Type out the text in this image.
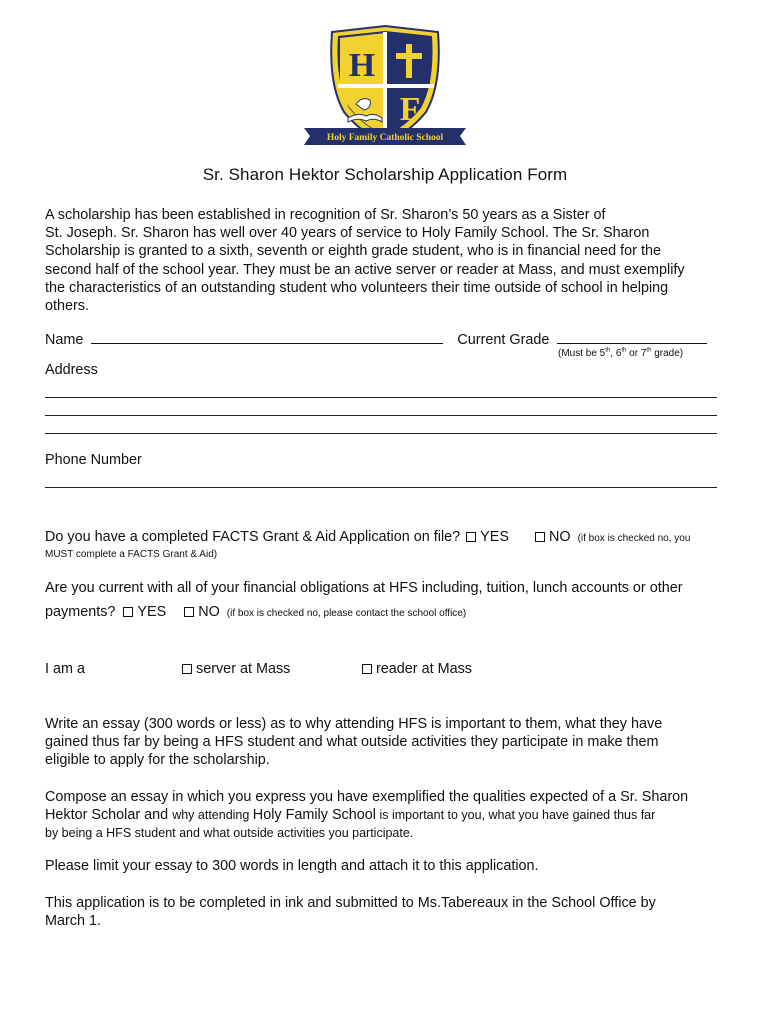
H
F
Holy Family Catholic School
Sr. Sharon Hektor Scholarship Application Form
A scholarship has been established in recognition of Sr. Sharon’s 50 years as a Sister of
St. Joseph. Sr. Sharon has well over 40 years of service to Holy Family School. The Sr. Sharon
Scholarship is granted to a sixth, seventh or eighth grade student, who is in financial need for the
second half of the school year. They must be an active server or reader at Mass, and must exemplify
the characteristics of an outstanding student who volunteers their time outside of school in helping
others.
Name	Current Grade
(Must be 5th, 6th or 7th grade)
Address
Phone Number
Do you have a completed FACTS Grant & Aid Application on file? YES	NO (if box is checked no, you
MUST complete a FACTS Grant & Aid)
Are you current with all of your financial obligations at HFS including, tuition, lunch accounts or other
payments? YES NO (if box is checked no, please contact the school office)
I am a	server at Mass	reader at Mass
Write an essay (300 words or less) as to why attending HFS is important to them, what they have
gained thus far by being a HFS student and what outside activities they participate in make them
eligible to apply for the scholarship.
Compose an essay in which you express you have exemplified the qualities expected of a Sr. Sharon
Hektor Scholar and why attending Holy Family School is important to you, what you have gained thus far
by being a HFS student and what outside activities you participate.
Please limit your essay to 300 words in length and attach it to this application.
This application is to be completed in ink and submitted to Ms.Tabereaux in the School Office by
March 1.
